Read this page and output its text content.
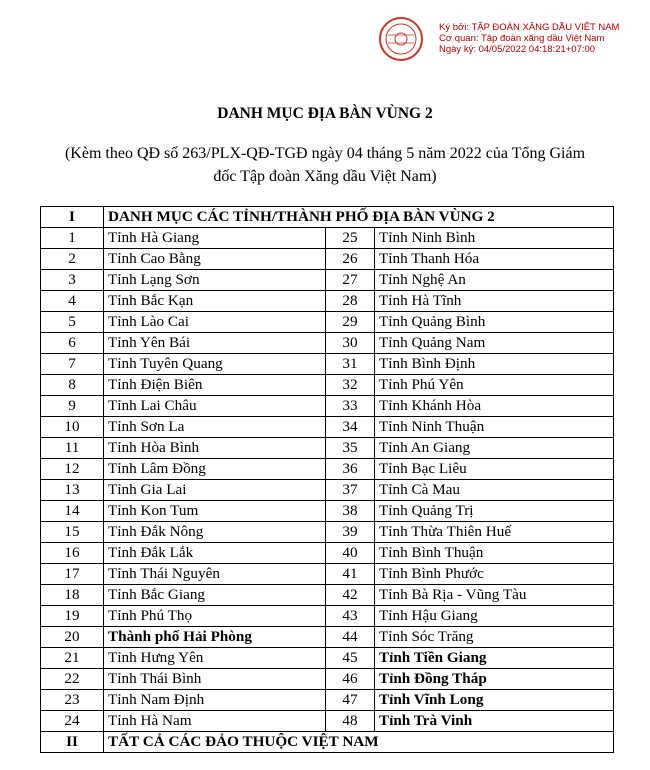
Ký bởi: TẬP ĐOÀN XĂNG DẦU VIỆT NAM
Cơ quan: Tập đoàn xăng dầu Việt Nam
Ngày ký: 04/05/2022 04:18:21+07:00
DANH MỤC ĐỊA BÀN VÙNG 2
(Kèm theo QĐ số 263/PLX-QĐ-TGĐ ngày 04 tháng 5 năm 2022 của Tổng Giám
đốc Tập đoàn Xăng dầu Việt Nam)
I	DANH MỤC CÁC TỈNH/THÀNH PHỐ ĐỊA BÀN VÙNG 2		
1	Tỉnh Hà Giang	25	Tỉnh Ninh Bình
2	Tỉnh Cao Bằng	26	Tỉnh Thanh Hóa
3	Tỉnh Lạng Sơn	27	Tỉnh Nghệ An
4	Tỉnh Bắc Kạn	28	Tỉnh Hà Tĩnh
5	Tỉnh Lào Cai	29	Tỉnh Quảng Bình
6	Tỉnh Yên Bái	30	Tỉnh Quảng Nam
7	Tỉnh Tuyên Quang	31	Tỉnh Bình Định
8	Tỉnh Điện Biên	32	Tỉnh Phú Yên
9	Tỉnh Lai Châu	33	Tỉnh Khánh Hòa
10	Tỉnh Sơn La	34	Tỉnh Ninh Thuận
11	Tỉnh Hòa Bình	35	Tỉnh An Giang
12	Tỉnh Lâm Đồng	36	Tỉnh Bạc Liêu
13	Tỉnh Gia Lai	37	Tỉnh Cà Mau
14	Tỉnh Kon Tum	38	Tỉnh Quảng Trị
15	Tỉnh Đắk Nông	39	Tỉnh Thừa Thiên Huế
16	Tỉnh Đắk Lắk	40	Tỉnh Bình Thuận
17	Tỉnh Thái Nguyên	41	Tỉnh Bình Phước
18	Tỉnh Bắc Giang	42	Tỉnh Bà Rịa - Vũng Tàu
19	Tỉnh Phú Thọ	43	Tỉnh Hậu Giang
20	Thành phố Hải Phòng	44	Tỉnh Sóc Trăng
21	Tỉnh Hưng Yên	45	Tỉnh Tiền Giang
22	Tỉnh Thái Bình	46	Tỉnh Đồng Tháp
23	Tỉnh Nam Định	47	Tỉnh Vĩnh Long
24	Tỉnh Hà Nam	48	Tỉnh Trà Vinh
II	TẤT CẢ CÁC ĐẢO THUỘC VIỆT NAM		
